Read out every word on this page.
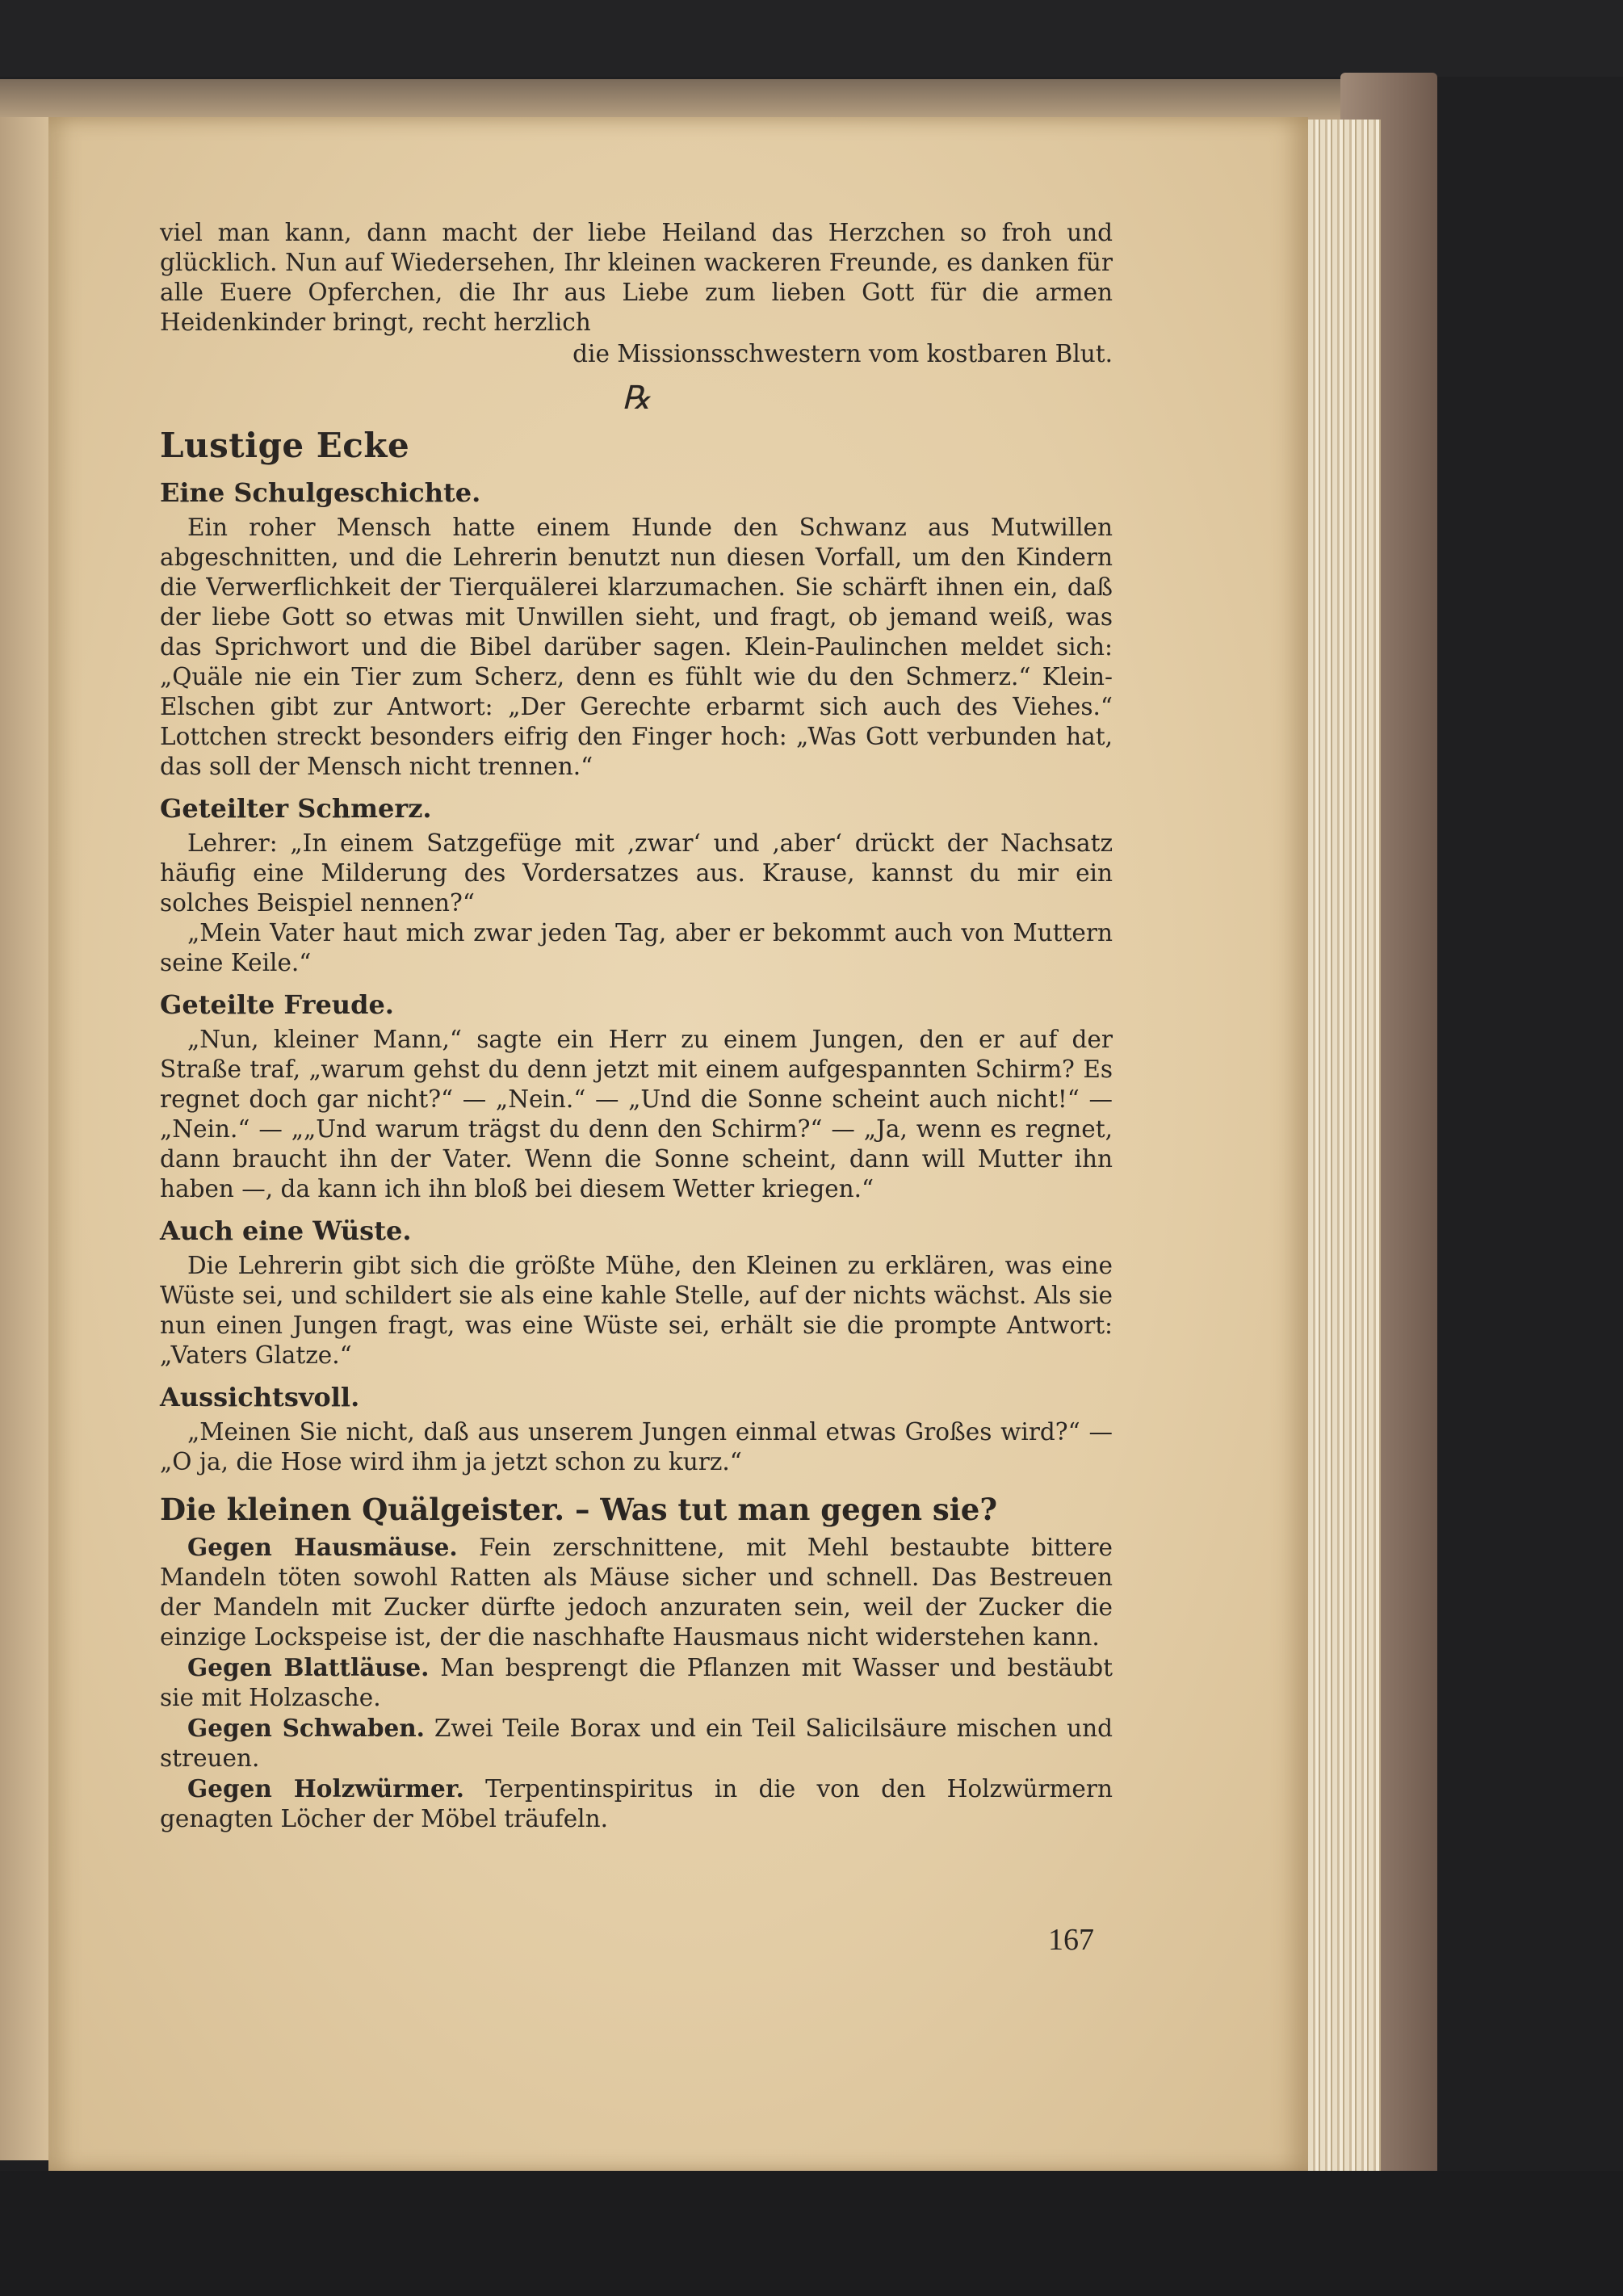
viel man kann, dann macht der liebe Heiland das Herzchen so froh und glücklich. Nun auf Wiedersehen, Ihr kleinen wackeren Freunde, es danken für alle Euere Opferchen, die Ihr aus Liebe zum lieben Gott für die armen Heidenkinder bringt, recht herzlich

die Missionsschwestern vom kostbaren Blut.

℞
Lustige Ecke
Eine Schulgeschichte.

Ein roher Mensch hatte einem Hunde den Schwanz aus Mutwillen abgeschnitten, und die Lehrerin benutzt nun diesen Vorfall, um den Kindern die Verwerflichkeit der Tierquälerei klarzumachen. Sie schärft ihnen ein, daß der liebe Gott so etwas mit Unwillen sieht, und fragt, ob jemand weiß, was das Sprichwort und die Bibel darüber sagen. Klein-Paulinchen meldet sich: „Quäle nie ein Tier zum Scherz, denn es fühlt wie du den Schmerz.“ Klein-Elschen gibt zur Antwort: „Der Gerechte erbarmt sich auch des Viehes.“ Lottchen streckt besonders eifrig den Finger hoch: „Was Gott verbunden hat, das soll der Mensch nicht trennen.“

Geteilter Schmerz.

Lehrer: „In einem Satzgefüge mit ‚zwar‘ und ‚aber‘ drückt der Nachsatz häufig eine Milderung des Vordersatzes aus. Krause, kannst du mir ein solches Beispiel nennen?“

„Mein Vater haut mich zwar jeden Tag, aber er bekommt auch von Muttern seine Keile.“

Geteilte Freude.

„Nun, kleiner Mann,“ sagte ein Herr zu einem Jungen, den er auf der Straße traf, „warum gehst du denn jetzt mit einem aufgespannten Schirm? Es regnet doch gar nicht?“ — „Nein.“ — „Und die Sonne scheint auch nicht!“ — „Nein.“ — „„Und warum trägst du denn den Schirm?“ — „Ja, wenn es regnet, dann braucht ihn der Vater. Wenn die Sonne scheint, dann will Mutter ihn haben —, da kann ich ihn bloß bei diesem Wetter kriegen.“

Auch eine Wüste.

Die Lehrerin gibt sich die größte Mühe, den Kleinen zu erklären, was eine Wüste sei, und schildert sie als eine kahle Stelle, auf der nichts wächst. Als sie nun einen Jungen fragt, was eine Wüste sei, erhält sie die prompte Antwort: „Vaters Glatze.“

Aussichtsvoll.

„Meinen Sie nicht, daß aus unserem Jungen einmal etwas Großes wird?“ — „O ja, die Hose wird ihm ja jetzt schon zu kurz.“

Die kleinen Quälgeister. – Was tut man gegen sie?

Gegen Hausmäuse. Fein zerschnittene, mit Mehl bestaubte bittere Mandeln töten sowohl Ratten als Mäuse sicher und schnell. Das Bestreuen der Mandeln mit Zucker dürfte jedoch anzuraten sein, weil der Zucker die einzige Lockspeise ist, der die naschhafte Hausmaus nicht widerstehen kann.

Gegen Blattläuse. Man besprengt die Pflanzen mit Wasser und bestäubt sie mit Holzasche.

Gegen Schwaben. Zwei Teile Borax und ein Teil Salicilsäure mischen und streuen.

Gegen Holzwürmer. Terpentinspiritus in die von den Holzwürmern genagten Löcher der Möbel träufeln.

167
